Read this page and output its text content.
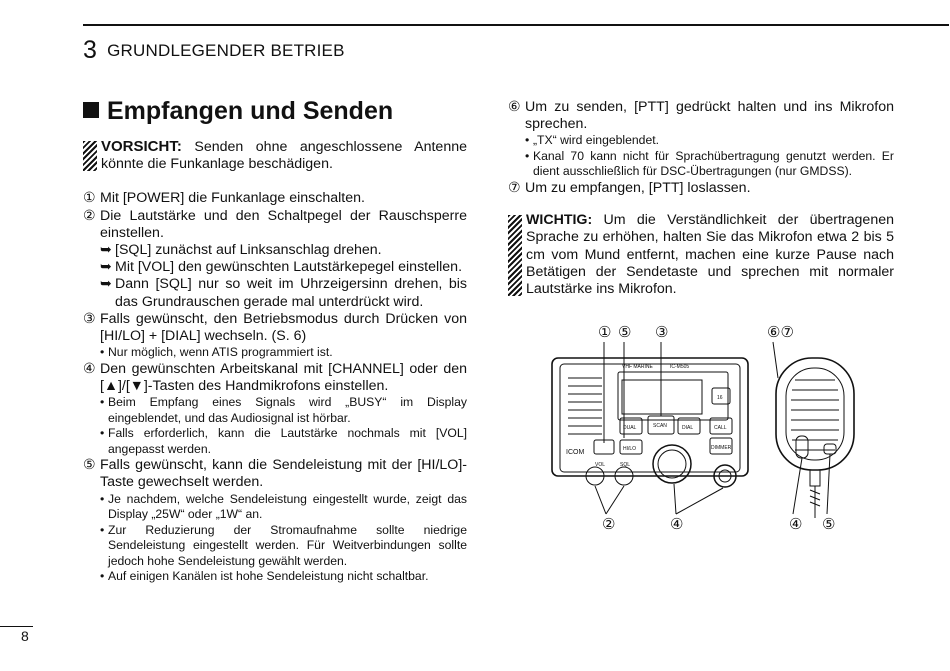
3 GRUNDLEGENDER BETRIEB
Empfangen und Senden
VORSICHT: Senden ohne angeschlossene Antenne könnte die Funkanlage beschädigen.
① Mit [POWER] die Funkanlage einschalten.
② Die Lautstärke und den Schaltpegel der Rauschsperre einstellen.
➥ [SQL] zunächst auf Linksanschlag drehen.
➥ Mit [VOL] den gewünschten Lautstärkepegel einstellen.
➥ Dann [SQL] nur so weit im Uhrzeigersinn drehen, bis das Grundrauschen gerade mal unterdrückt wird.
③ Falls gewünscht, den Betriebsmodus durch Drücken von [HI/LO] + [DIAL] wechseln. (S. 6)
• Nur möglich, wenn ATIS programmiert ist.
④ Den gewünschten Arbeitskanal mit [CHANNEL] oder den [▲]/[▼]-Tasten des Handmikrofons einstellen.
• Beim Empfang eines Signals wird „BUSY“ im Display eingeblendet, und das Audiosignal ist hörbar.
• Falls erforderlich, kann die Lautstärke nochmals mit [VOL] angepasst werden.
⑤ Falls gewünscht, kann die Sendeleistung mit der [HI/LO]-Taste gewechselt werden.
• Je nachdem, welche Sendeleistung eingestellt wurde, zeigt das Display „25W“ oder „1W“ an.
• Zur Reduzierung der Stromaufnahme sollte niedrige Sendeleistung eingestellt werden. Für Weitverbindungen sollte jedoch hohe Sendeleistung gewählt werden.
• Auf einigen Kanälen ist hohe Sendeleistung nicht schaltbar.
⑥ Um zu senden, [PTT] gedrückt halten und ins Mikrofon sprechen.
• „TX“ wird eingeblendet.
• Kanal 70 kann nicht für Sprachübertragung genutzt werden. Er dient ausschließlich für DSC-Übertragungen (nur GMDSS).
⑦ Um zu empfangen, [PTT] loslassen.
WICHTIG: Um die Verständlichkeit der übertragenen Sprache zu erhöhen, halten Sie das Mikrofon etwa 2 bis 5 cm vom Mund entfernt, machen eine kurze Pause nach Betätigen der Sendetaste und sprechen mit normaler Lautstärke ins Mikrofon.
① ⑤ ③	⑥⑦
②	④	④ ⑤
VHF MARINE	IC-M505
16
DUAL	SCAN	DIAL	CALL
DIMMER
HI/LO
VOL	SQL
ICOM
8
